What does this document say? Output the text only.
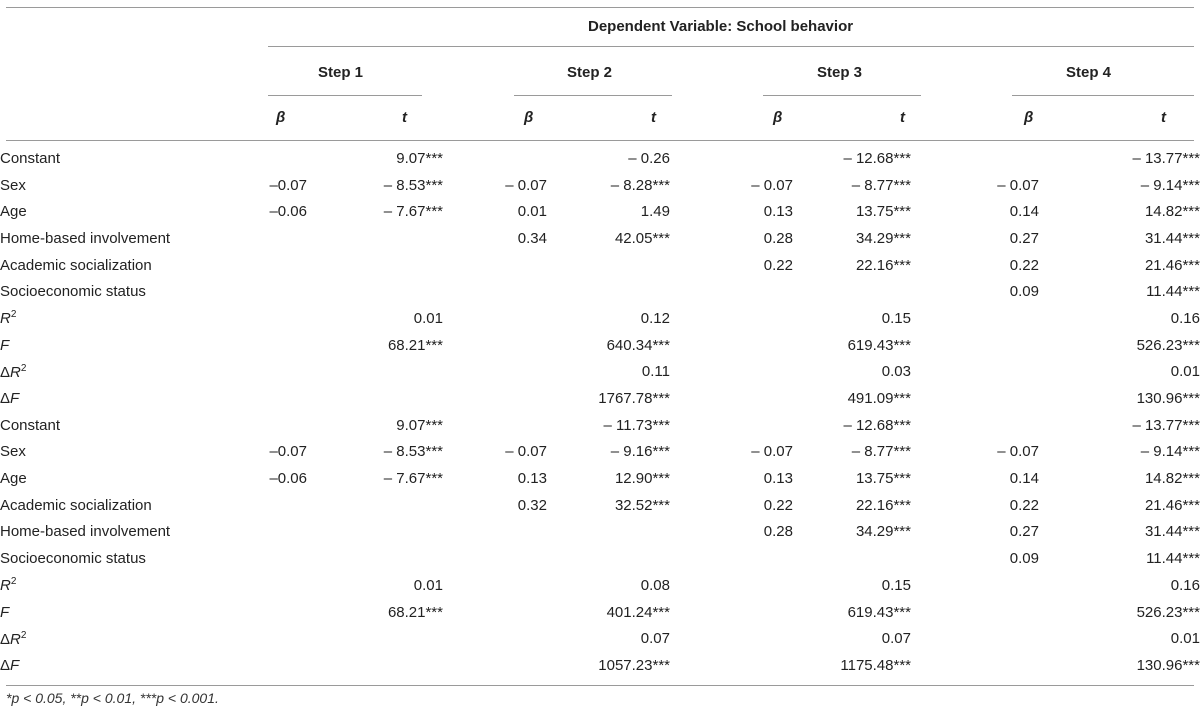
Dependent Variable: School behavior
Step 1	Step 2	Step 3	Step 4
β	t	β	t	β	t	β	t
Constant		9.07***		– 0.26		– 12.68***		– 13.77***
Sex	–0.07	– 8.53***	– 0.07	– 8.28***	– 0.07	– 8.77***	– 0.07	– 9.14***
Age	–0.06	– 7.67***	0.01	1.49	0.13	13.75***	0.14	14.82***
Home-based involvement			0.34	42.05***	0.28	34.29***	0.27	31.44***
Academic socialization					0.22	22.16***	0.22	21.46***
Socioeconomic status							0.09	11.44***
$R^2$		0.01		0.12		0.15		0.16
F		68.21***		640.34***		619.43***		526.23***
$\Delta R^2$				0.11		0.03		0.01
ΔF				1767.78***		491.09***		130.96***
Constant		9.07***		– 11.73***		– 12.68***		– 13.77***
Sex	–0.07	– 8.53***	– 0.07	– 9.16***	– 0.07	– 8.77***	– 0.07	– 9.14***
Age	–0.06	– 7.67***	0.13	12.90***	0.13	13.75***	0.14	14.82***
Academic socialization			0.32	32.52***	0.22	22.16***	0.22	21.46***
Home-based involvement					0.28	34.29***	0.27	31.44***
Socioeconomic status							0.09	11.44***
$R^2$		0.01		0.08		0.15		0.16
F		68.21***		401.24***		619.43***		526.23***
$\Delta R^2$				0.07		0.07		0.01
ΔF				1057.23***		1175.48***		130.96***
*p < 0.05, **p < 0.01, ***p < 0.001.
